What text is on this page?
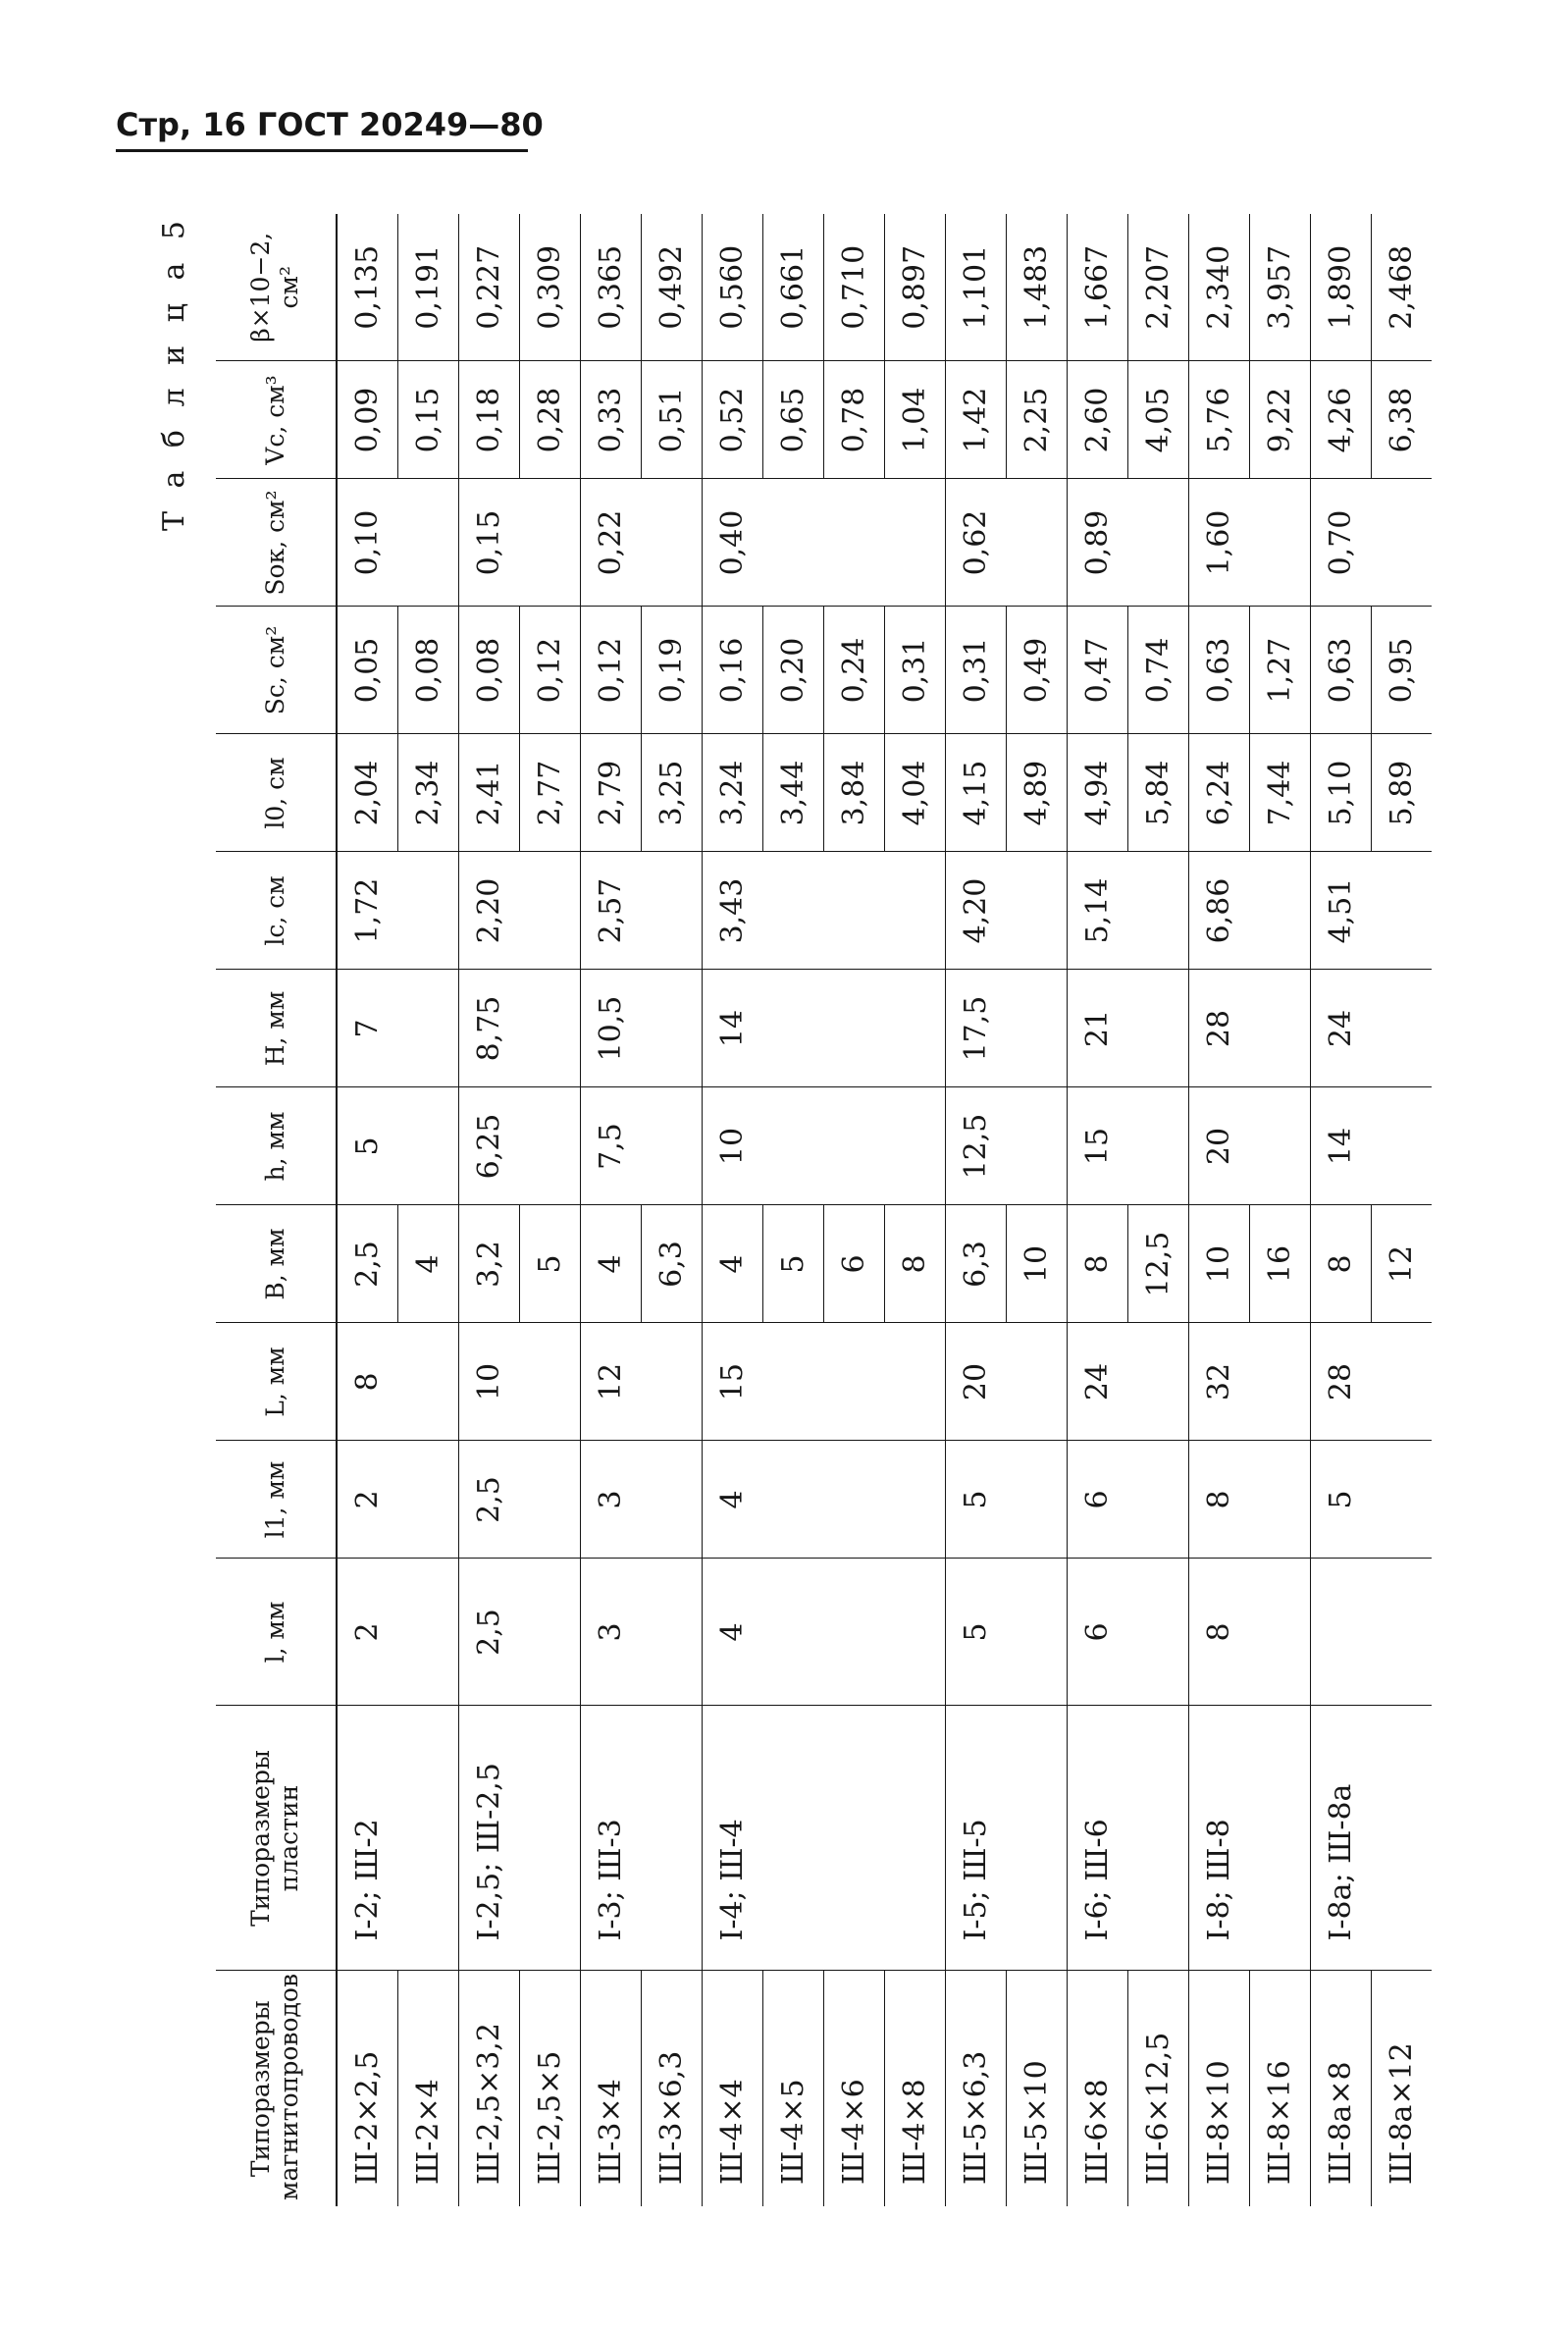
Стр, 16 ГОСТ 20249—80
Т а б л и ц а 5
Типоразмеры магнитопроводов	Типоразмеры пластин	l, мм	l1, мм	L, мм	B, мм	h, мм	H, мм	lc, см	l0, см	Sc, см²	Sок, см²	Vc, см³	β×10−2, см²
Ш-2×2,5	I-2; Ш-2	2	2	8	2,5	5	7	1,72	2,04	0,05	0,10	0,09	0,135
Ш-2×4					4				2,34	0,08		0,15	0,191
Ш-2,5×3,2	I-2,5; Ш-2,5	2,5	2,5	10	3,2	6,25	8,75	2,20	2,41	0,08	0,15	0,18	0,227
Ш-2,5×5					5				2,77	0,12		0,28	0,309
Ш-3×4	I-3; Ш-3	3	3	12	4	7,5	10,5	2,57	2,79	0,12	0,22	0,33	0,365
Ш-3×6,3					6,3				3,25	0,19		0,51	0,492
Ш-4×4	I-4; Ш-4	4	4	15	4	10	14	3,43	3,24	0,16	0,40	0,52	0,560
Ш-4×5					5				3,44	0,20		0,65	0,661
Ш-4×6					6				3,84	0,24		0,78	0,710
Ш-4×8					8				4,04	0,31		1,04	0,897
Ш-5×6,3	I-5; Ш-5	5	5	20	6,3	12,5	17,5	4,20	4,15	0,31	0,62	1,42	1,101
Ш-5×10					10				4,89	0,49		2,25	1,483
Ш-6×8	I-6; Ш-6	6	6	24	8	15	21	5,14	4,94	0,47	0,89	2,60	1,667
Ш-6×12,5					12,5				5,84	0,74		4,05	2,207
Ш-8×10	I-8; Ш-8	8	8	32	10	20	28	6,86	6,24	0,63	1,60	5,76	2,340
Ш-8×16					16				7,44	1,27		9,22	3,957
Ш-8а×8	I-8а; Ш-8а		5	28	8	14	24	4,51	5,10	0,63	0,70	4,26	1,890
Ш-8а×12					12				5,89	0,95		6,38	2,468
